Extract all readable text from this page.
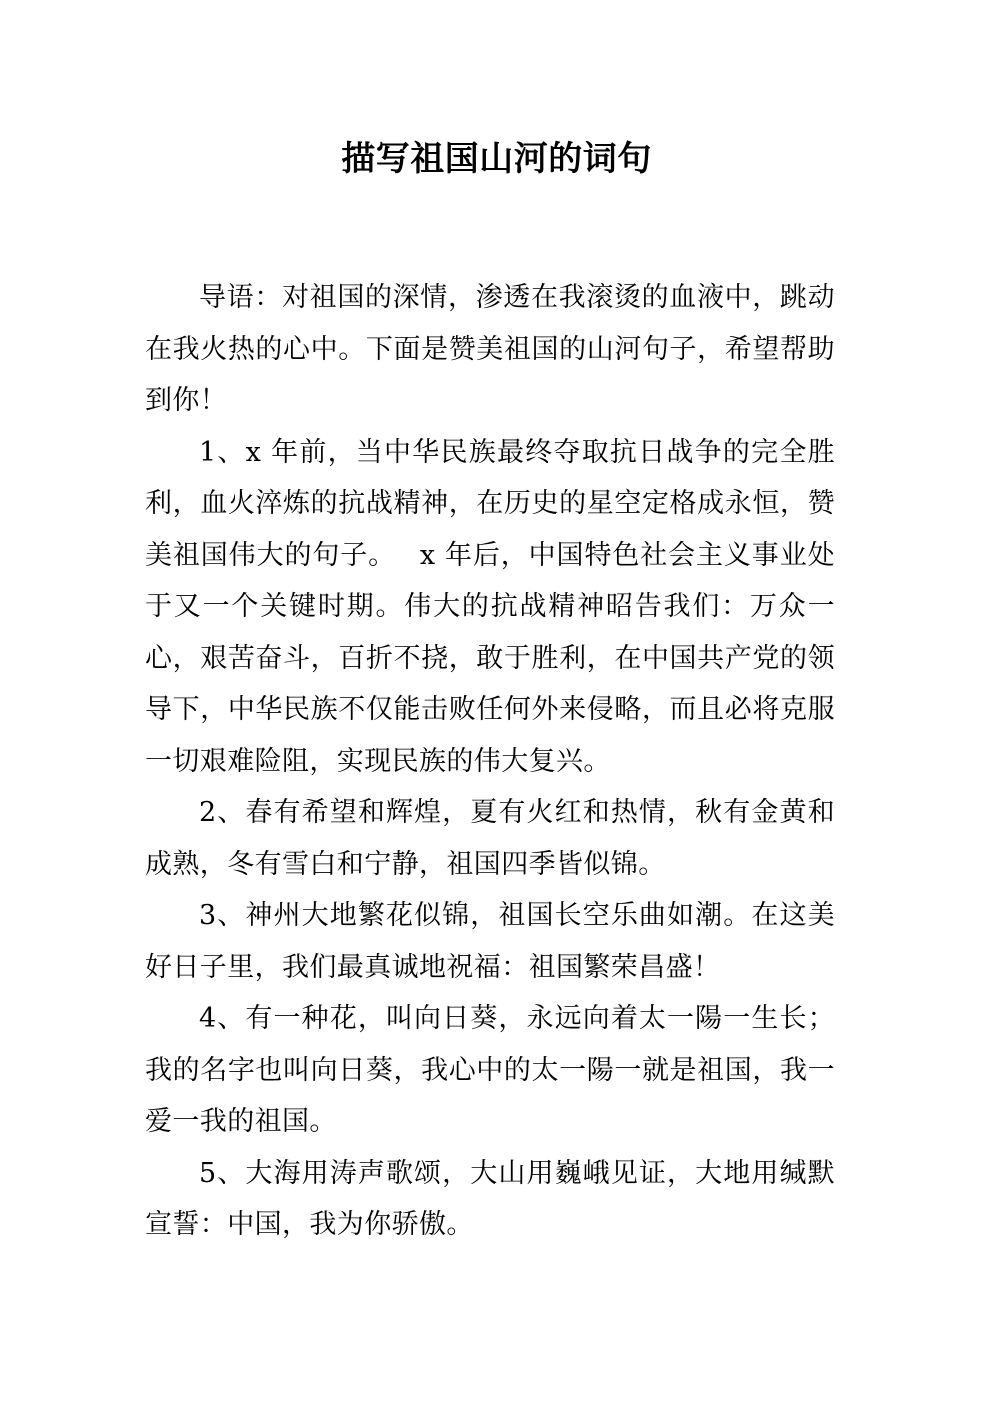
描写祖国山河的词句

导语：对祖国的深情，渗透在我滚烫的血液中，跳动在我火热的心中。下面是赞美祖国的山河句子，希望帮助到你！

1、x 年前，当中华民族最终夺取抗日战争的完全胜利，血火淬炼的抗战精神，在历史的星空定格成永恒，赞美祖国伟大的句子。　 x 年后，中国特色社会主义事业处于又一个关键时期。伟大的抗战精神昭告我们：万众一心，艰苦奋斗，百折不挠，敢于胜利，在中国共产党的领导下，中华民族不仅能击败任何外来侵略，而且必将克服一切艰难险阻，实现民族的伟大复兴。

2、春有希望和辉煌，夏有火红和热情，秋有金黄和成熟，冬有雪白和宁静，祖国四季皆似锦。

3、神州大地繁花似锦，祖国长空乐曲如潮。在这美好日子里，我们最真诚地祝福：祖国繁荣昌盛！

4、有一种花，叫向日葵，永远向着太一陽一生长；我的名字也叫向日葵，我心中的太一陽一就是祖国，我一爱一我的祖国。

5、大海用涛声歌颂，大山用巍峨见证，大地用缄默宣誓：中国，我为你骄傲。
